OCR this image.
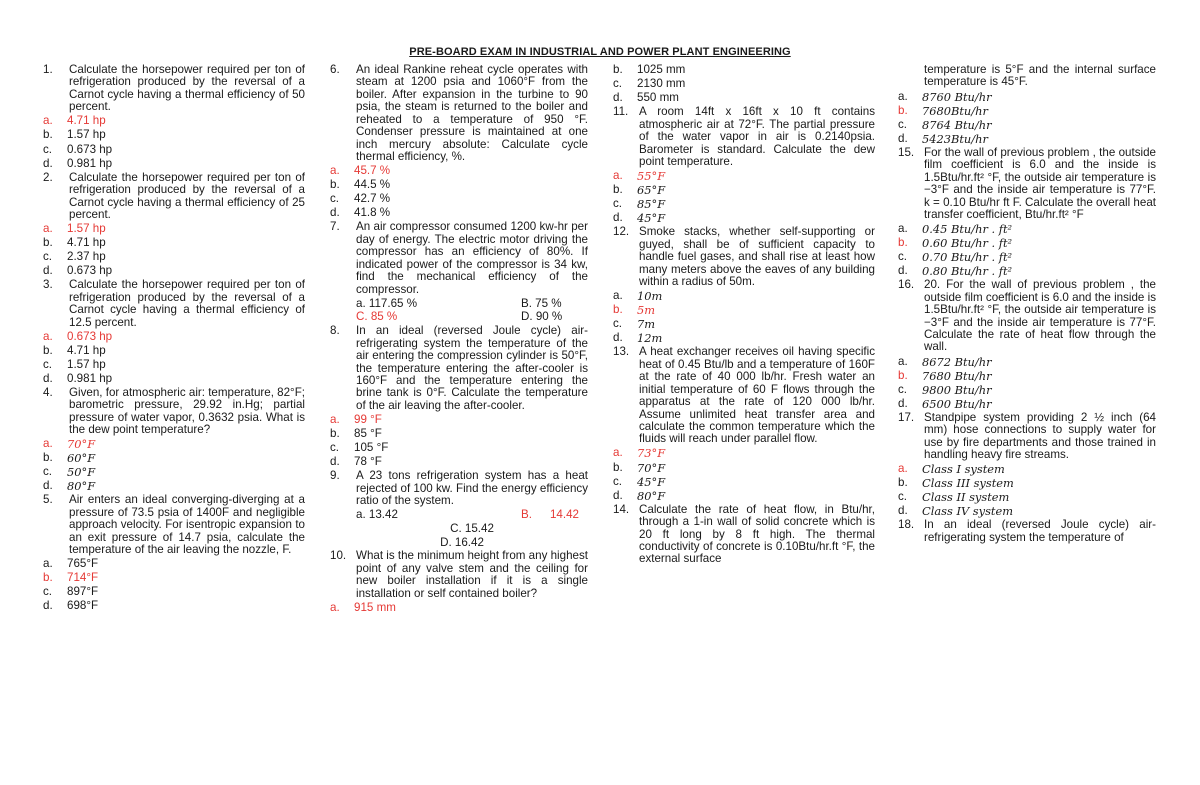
PRE-BOARD EXAM IN INDUSTRIAL AND POWER PLANT ENGINEERING
1.	Calculate the horsepower required per ton of refrigeration produced by the reversal of a Carnot cycle having a thermal efficiency of 50 percent.
a.	4.71 hp
b.	1.57 hp
c.	0.673 hp
d.	0.981 hp
2.	Calculate the horsepower required per ton of refrigeration produced by the reversal of a Carnot cycle having a thermal efficiency of 25 percent.
a.	1.57 hp
b.	4.71 hp
c.	2.37 hp
d.	0.673 hp
3.	Calculate the horsepower required per ton of refrigeration produced by the reversal of a Carnot cycle having a thermal efficiency of 12.5 percent.
a.	0.673 hp
b.	4.71 hp
c.	1.57 hp
d.	0.981 hp
4.	Given, for atmospheric air: temperature, 82°F; barometric pressure, 29.92 in.Hg; partial pressure of water vapor, 0.3632 psia. What is the dew point temperature?
a.	70°F
b.	60°F
c.	50°F
d.	80°F
5.	Air enters an ideal converging-diverging at a pressure of 73.5 psia of 1400F and negligible approach velocity. For isentropic expansion to an exit pressure of 14.7 psia, calculate the temperature of the air leaving the nozzle, F.
a.	765°F
b.	714°F
c.	897°F
d.	698°F
6.	An ideal Rankine reheat cycle operates with steam at 1200 psia and 1060°F from the boiler. After expansion in the turbine to 90 psia, the steam is returned to the boiler and reheated to a temperature of 950 °F. Condenser pressure is maintained at one inch mercury absolute: Calculate cycle thermal efficiency, %.
a.	45.7 %
b.	44.5 %
c.	42.7 %
d.	41.8 %
7.	An air compressor consumed 1200 kw-hr per day of energy. The electric motor driving the compressor has an efficiency of 80%. If indicated power of the compressor is 34 kw, find the mechanical efficiency of the compressor.
a. 117.65 %	B. 75 %
C. 85 %	D. 90 %
8.	In an ideal (reversed Joule cycle) air-refrigerating system the temperature of the air entering the compression cylinder is 50°F, the temperature entering the after-cooler is 160°F and the temperature entering the brine tank is 0°F. Calculate the temperature of the air leaving the after-cooler.
a.	99 °F
b.	85 °F
c.	105 °F
d.	78 °F
9.	A 23 tons refrigeration system has a heat rejected of 100 kw. Find the energy efficiency ratio of the system.
a. 13.42	B. 14.42
C. 15.42
D. 16.42
10. What is the minimum height from any highest point of any valve stem and the ceiling for new boiler installation if it is a single installation or self contained boiler?
a.	915 mm
b.	1025 mm
c.	2130 mm
d.	550 mm
11. A room 14ft x 16ft x 10 ft contains atmospheric air at 72°F. The partial pressure of the water vapor in air is 0.2140psia. Barometer is standard. Calculate the dew point temperature.
a.	55°F
b.	65°F
c.	85°F
d.	45°F
12. Smoke stacks, whether self-supporting or guyed, shall be of sufficient capacity to handle fuel gases, and shall rise at least how many meters above the eaves of any building within a radius of 50m.
a.	10m
b.	5m
c.	7m
d.	12m
13. A heat exchanger receives oil having specific heat of 0.45 Btu/lb and a temperature of 160F at the rate of 40 000 lb/hr. Fresh water an initial temperature of 60 F flows through the apparatus at the rate of 120 000 lb/hr. Assume unlimited heat transfer area and calculate the common temperature which the fluids will reach under parallel flow.
a.	73°F
b.	70°F
c.	45°F
d.	80°F
14. Calculate the rate of heat flow, in Btu/hr, through a 1-in wall of solid concrete which is 20 ft long by 8 ft high. The thermal conductivity of concrete is 0.10Btu/hr.ft °F, the external surface
temperature is 5°F and the internal surface temperature is 45°F.
a.	8760 Btu/hr
b.	7680Btu/hr
c.	8764 Btu/hr
d.	5423Btu/hr
15. For the wall of previous problem , the outside film coefficient is 6.0 and the inside is 1.5Btu/hr.ft² °F, the outside air temperature is −3°F and the inside air temperature is 77°F. k = 0.10 Btu/hr ft F. Calculate the overall heat transfer coefficient, Btu/hr.ft² °F
a.	0.45 Btu/hr . ft²
b.	0.60 Btu/hr . ft²
c.	0.70 Btu/hr . ft²
d.	0.80 Btu/hr . ft²
16. 20. For the wall of previous problem , the outside film coefficient is 6.0 and the inside is 1.5Btu/hr.ft² °F, the outside air temperature is −3°F and the inside air temperature is 77°F. Calculate the rate of heat flow through the wall.
a.	8672 Btu/hr
b.	7680 Btu/hr
c.	9800 Btu/hr
d.	6500 Btu/hr
17. Standpipe system providing 2 ½ inch (64 mm) hose connections to supply water for use by fire departments and those trained in handling heavy fire streams.
a.	Class I system
b.	Class III system
c.	Class II system
d.	Class IV system
18. In an ideal (reversed Joule cycle) air-refrigerating system the temperature of
